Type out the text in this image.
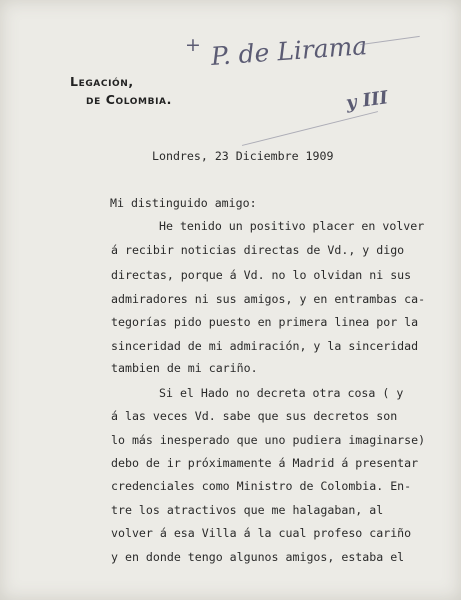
Legación,
de Colombia.
+ P. de Lirama
y III
Londres, 23 Diciembre 1909
Mi distinguido amigo:
He tenido un positivo placer en volver
á recibir noticias directas de Vd., y digo
directas, porque á Vd. no lo olvidan ni sus
admiradores ni sus amigos, y en entrambas ca-
tegorías pido puesto en primera linea por la
sinceridad de mi admiración, y la sinceridad
tambien de mi cariño.
Si el Hado no decreta otra cosa ( y
á las veces Vd. sabe que sus decretos son
lo más inesperado que uno pudiera imaginarse)
debo de ir próximamente á Madrid á presentar
credenciales como Ministro de Colombia. En-
tre los atractivos que me halagaban, al
volver á esa Villa á la cual profeso cariño
y en donde tengo algunos amigos, estaba el
